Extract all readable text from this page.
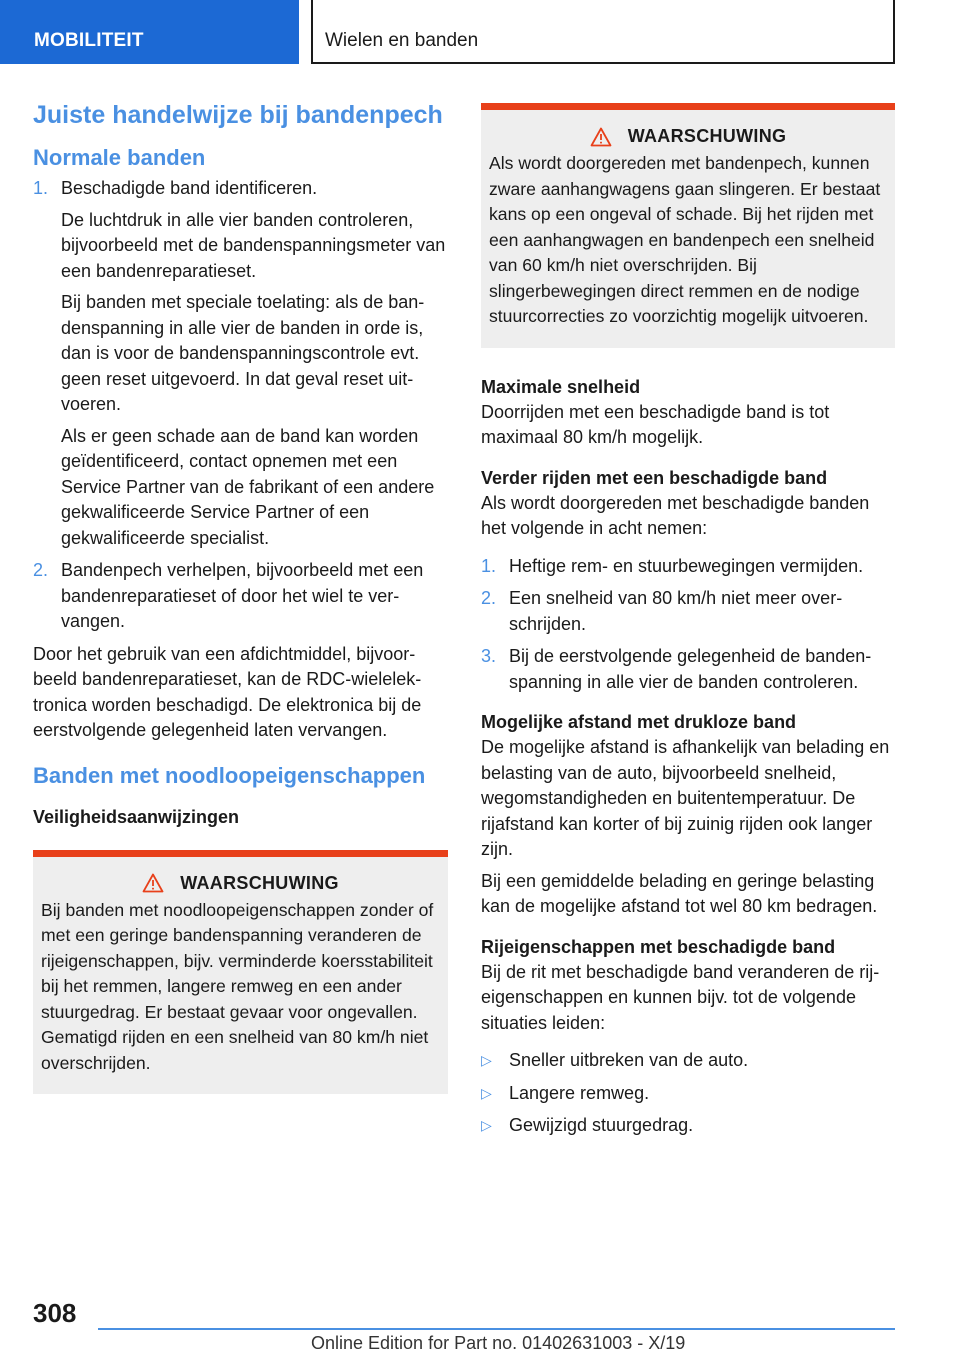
MOBILITEIT	Wielen en banden
Juiste handelwijze bij bandenpech
Normale banden
1. Beschadigde band identificeren.

De luchtdruk in alle vier banden controleren, bijvoorbeeld met de bandenspanningsmeter van een bandenreparatieset.

Bij banden met speciale toelating: als de bandenspanning in alle vier de banden in orde is, dan is voor de bandenspanningscontrole evt. geen reset uitgevoerd. In dat geval reset uitvoeren.

Als er geen schade aan de band kan worden geïdentificeerd, contact opnemen met een Service Partner van de fabrikant of een andere gekwalificeerde Service Partner of een gekwalificeerde specialist.

2. Bandenpech verhelpen, bijvoorbeeld met een bandenreparatieset of door het wiel te vervangen.

Door het gebruik van een afdichtmiddel, bijvoorbeeld bandenreparatieset, kan de RDC-wielelektronica worden beschadigd. De elektronica bij de eerstvolgende gelegenheid laten vervangen.

Banden met noodloopeigenschappen
Veiligheidsaanwijzingen
WAARSCHUWING

Bij banden met noodloopeigenschappen zonder of met een geringe bandenspanning veranderen de rijeigenschappen, bijv. verminderde koersstabiliteit bij het remmen, langere remweg en een ander stuurgedrag. Er bestaat gevaar voor ongevallen. Gematigd rijden en een snelheid van 80 km/h niet overschrijden.

WAARSCHUWING

Als wordt doorgereden met bandenpech, kunnen zware aanhangwagens gaan slingeren. Er bestaat kans op een ongeval of schade. Bij het rijden met een aanhangwagen en bandenpech een snelheid van 60 km/h niet overschrijden. Bij slingerbewegingen direct remmen en de nodige stuurcorrecties zo voorzichtig mogelijk uitvoeren.

Maximale snelheid

Doorrijden met een beschadigde band is tot maximaal 80 km/h mogelijk.

Verder rijden met een beschadigde band

Als wordt doorgereden met beschadigde banden het volgende in acht nemen:

1. Heftige rem- en stuurbewegingen vermijden.

2. Een snelheid van 80 km/h niet meer overschrijden.

3. Bij de eerstvolgende gelegenheid de bandenspanning in alle vier de banden controleren.

Mogelijke afstand met drukloze band

De mogelijke afstand is afhankelijk van belading en belasting van de auto, bijvoorbeeld snelheid, wegomstandigheden en buitentemperatuur. De rijafstand kan korter of bij zuinig rijden ook langer zijn.

Bij een gemiddelde belading en geringe belasting kan de mogelijke afstand tot wel 80 km bedragen.

Rijeigenschappen met beschadigde band

Bij de rit met beschadigde band veranderen de rij-eigenschappen en kunnen bijv. tot de volgende situaties leiden:

▷ Sneller uitbreken van de auto.
▷ Langere remweg.
▷ Gewijzigd stuurgedrag.
308
Online Edition for Part no. 01402631003 - X/19
